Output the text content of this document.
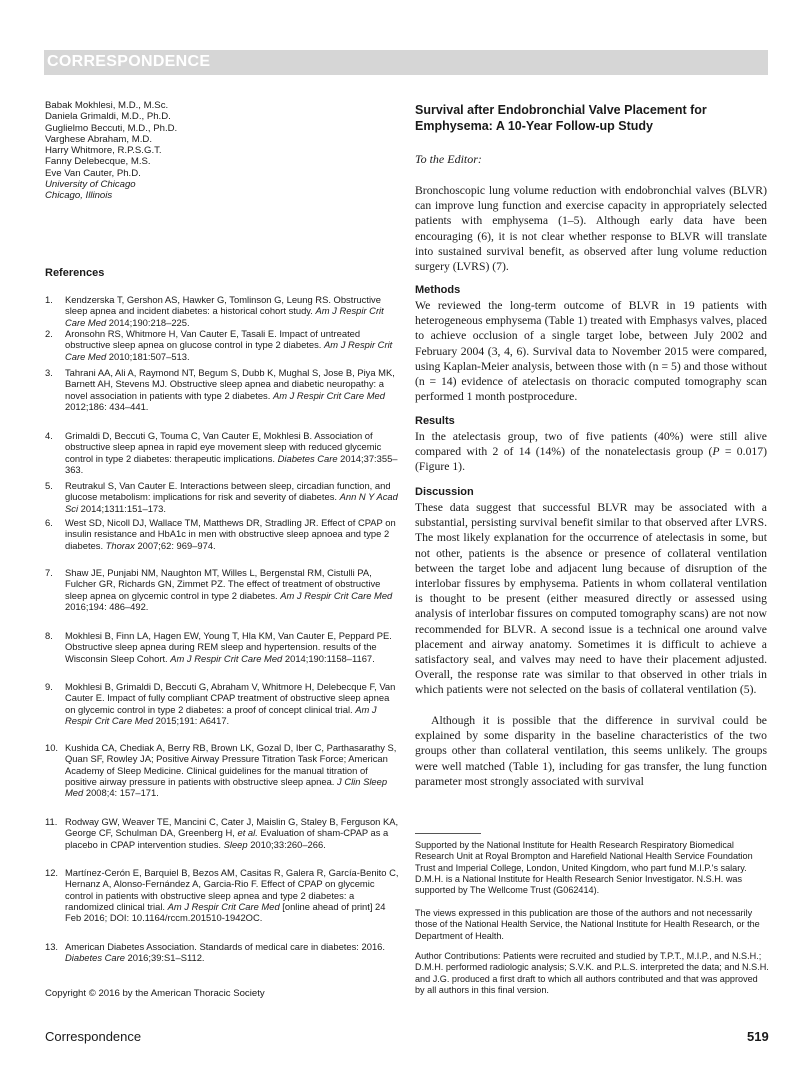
CORRESPONDENCE
Babak Mokhlesi, M.D., M.Sc.
Daniela Grimaldi, M.D., Ph.D.
Guglielmo Beccuti, M.D., Ph.D.
Varghese Abraham, M.D.
Harry Whitmore, R.P.S.G.T.
Fanny Delebecque, M.S.
Eve Van Cauter, Ph.D.
University of Chicago
Chicago, Illinois
References
1. Kendzerska T, Gershon AS, Hawker G, Tomlinson G, Leung RS. Obstructive sleep apnea and incident diabetes: a historical cohort study. Am J Respir Crit Care Med 2014;190:218–225.
2. Aronsohn RS, Whitmore H, Van Cauter E, Tasali E. Impact of untreated obstructive sleep apnea on glucose control in type 2 diabetes. Am J Respir Crit Care Med 2010;181:507–513.
3. Tahrani AA, Ali A, Raymond NT, Begum S, Dubb K, Mughal S, Jose B, Piya MK, Barnett AH, Stevens MJ. Obstructive sleep apnea and diabetic neuropathy: a novel association in patients with type 2 diabetes. Am J Respir Crit Care Med 2012;186: 434–441.
4. Grimaldi D, Beccuti G, Touma C, Van Cauter E, Mokhlesi B. Association of obstructive sleep apnea in rapid eye movement sleep with reduced glycemic control in type 2 diabetes: therapeutic implications. Diabetes Care 2014;37:355–363.
5. Reutrakul S, Van Cauter E. Interactions between sleep, circadian function, and glucose metabolism: implications for risk and severity of diabetes. Ann N Y Acad Sci 2014;1311:151–173.
6. West SD, Nicoll DJ, Wallace TM, Matthews DR, Stradling JR. Effect of CPAP on insulin resistance and HbA1c in men with obstructive sleep apnoea and type 2 diabetes. Thorax 2007;62: 969–974.
7. Shaw JE, Punjabi NM, Naughton MT, Willes L, Bergenstal RM, Cistulli PA, Fulcher GR, Richards GN, Zimmet PZ. The effect of treatment of obstructive sleep apnea on glycemic control in type 2 diabetes. Am J Respir Crit Care Med 2016;194: 486–492.
8. Mokhlesi B, Finn LA, Hagen EW, Young T, Hla KM, Van Cauter E, Peppard PE. Obstructive sleep apnea during REM sleep and hypertension. results of the Wisconsin Sleep Cohort. Am J Respir Crit Care Med 2014;190:1158–1167.
9. Mokhlesi B, Grimaldi D, Beccuti G, Abraham V, Whitmore H, Delebecque F, Van Cauter E. Impact of fully compliant CPAP treatment of obstructive sleep apnea on glycemic control in type 2 diabetes: a proof of concept clinical trial. Am J Respir Crit Care Med 2015;191: A6417.
10. Kushida CA, Chediak A, Berry RB, Brown LK, Gozal D, Iber C, Parthasarathy S, Quan SF, Rowley JA; Positive Airway Pressure Titration Task Force; American Academy of Sleep Medicine. Clinical guidelines for the manual titration of positive airway pressure in patients with obstructive sleep apnea. J Clin Sleep Med 2008;4: 157–171.
11. Rodway GW, Weaver TE, Mancini C, Cater J, Maislin G, Staley B, Ferguson KA, George CF, Schulman DA, Greenberg H, et al. Evaluation of sham-CPAP as a placebo in CPAP intervention studies. Sleep 2010;33:260–266.
12. Martínez-Cerón E, Barquiel B, Bezos AM, Casitas R, Galera R, García-Benito C, Hernanz A, Alonso-Fernández A, Garcia-Rio F. Effect of CPAP on glycemic control in patients with obstructive sleep apnea and type 2 diabetes: a randomized clinical trial. Am J Respir Crit Care Med [online ahead of print] 24 Feb 2016; DOI: 10.1164/rccm.201510-1942OC.
13. American Diabetes Association. Standards of medical care in diabetes: 2016. Diabetes Care 2016;39:S1–S112.
Copyright © 2016 by the American Thoracic Society
Correspondence	519
Survival after Endobronchial Valve Placement for Emphysema: A 10-Year Follow-up Study
To the Editor:

Bronchoscopic lung volume reduction with endobronchial valves (BLVR) can improve lung function and exercise capacity in appropriately selected patients with emphysema (1–5). Although early data have been encouraging (6), it is not clear whether response to BLVR will translate into sustained survival benefit, as observed after lung volume reduction surgery (LVRS) (7).

Methods

We reviewed the long-term outcome of BLVR in 19 patients with heterogeneous emphysema (Table 1) treated with Emphasys valves, placed to achieve occlusion of a single target lobe, between July 2002 and February 2004 (3, 4, 6). Survival data to November 2015 were compared, using Kaplan-Meier analysis, between those with (n = 5) and those without (n = 14) evidence of atelectasis on thoracic computed tomography scan performed 1 month postprocedure.

Results

In the atelectasis group, two of five patients (40%) were still alive compared with 2 of 14 (14%) of the nonatelectasis group (P = 0.017) (Figure 1).

Discussion

These data suggest that successful BLVR may be associated with a substantial, persisting survival benefit similar to that observed after LVRS. The most likely explanation for the occurrence of atelectasis in some, but not other, patients is the absence or presence of collateral ventilation between the target lobe and adjacent lung because of disruption of the interlobar fissures by emphysema. Patients in whom collateral ventilation is thought to be present (either measured directly or assessed using analysis of interlobar fissures on computed tomography scans) are not now recommended for BLVR. A second issue is a technical one around valve placement and airway anatomy. Sometimes it is difficult to achieve a satisfactory seal, and valves may need to have their placement adjusted. Overall, the response rate was similar to that observed in other trials in which patients were not selected on the basis of collateral ventilation (5).

Although it is possible that the difference in survival could be explained by some disparity in the baseline characteristics of the two groups other than collateral ventilation, this seems unlikely. The groups were well matched (Table 1), including for gas transfer, the lung function parameter most strongly associated with survival

Supported by the National Institute for Health Research Respiratory Biomedical Research Unit at Royal Brompton and Harefield National Health Service Foundation Trust and Imperial College, London, United Kingdom, who part fund M.I.P.'s salary. D.M.H. is a National Institute for Health Research Senior Investigator. N.S.H. was supported by The Wellcome Trust (G062414).

The views expressed in this publication are those of the authors and not necessarily those of the National Health Service, the National Institute for Health Research, or the Department of Health.

Author Contributions: Patients were recruited and studied by T.P.T., M.I.P., and N.S.H.; D.M.H. performed radiologic analysis; S.V.K. and P.L.S. interpreted the data; and N.S.H. and J.G. produced a first draft to which all authors contributed and that was approved by all authors in this final version.
